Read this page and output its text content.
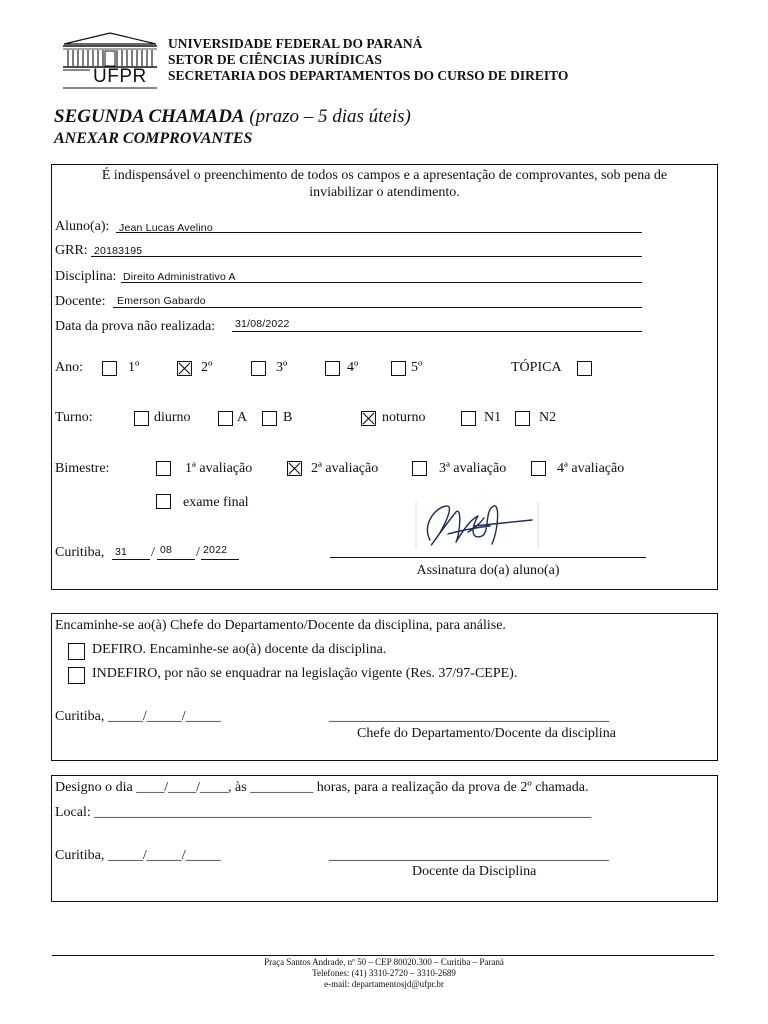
UFPR
UNIVERSIDADE FEDERAL DO PARANÁ
SETOR DE CIÊNCIAS JURÍDICAS
SECRETARIA DOS DEPARTAMENTOS DO CURSO DE DIREITO
SEGUNDA CHAMADA (prazo – 5 dias úteis)
ANEXAR COMPROVANTES
É indispensável o preenchimento de todos os campos e a apresentação de comprovantes, sob pena de
inviabilizar o atendimento.
Aluno(a): Jean Lucas Avelino
GRR: 20183195
Disciplina: Direito Administrativo A
Docente: Emerson Gabardo
Data da prova não realizada: 31/08/2022
Ano:	1º	2º	3º	4º	5º	TÓPICA
Turno:	diurno	A	B	noturno	N1	N2
Bimestre:	1ª avaliação	2ª avaliação	3ª avaliação	4ª avaliação
exame final
Curitiba, 31 / 08 / 2022
Assinatura do(a) aluno(a)
Encaminhe-se ao(à) Chefe do Departamento/Docente da disciplina, para análise.
DEFIRO. Encaminhe-se ao(à) docente da disciplina.
INDEFIRO, por não se enquadrar na legislação vigente (Res. 37/97-CEPE).
Curitiba, _____/_____/_____	________________________________________
Chefe do Departamento/Docente da disciplina
Designo o dia ____/____/____, às _________ horas, para a realização da prova de 2º chamada.
Local: _______________________________________________________________________
Curitiba, _____/_____/_____	________________________________________
Docente da Disciplina
Praça Santos Andrade, nº 50 – CEP 80020.300 – Curitiba – Paraná
Telefones: (41) 3310-2720 – 3310-2689
e-mail: departamentosjd@ufpr.br
